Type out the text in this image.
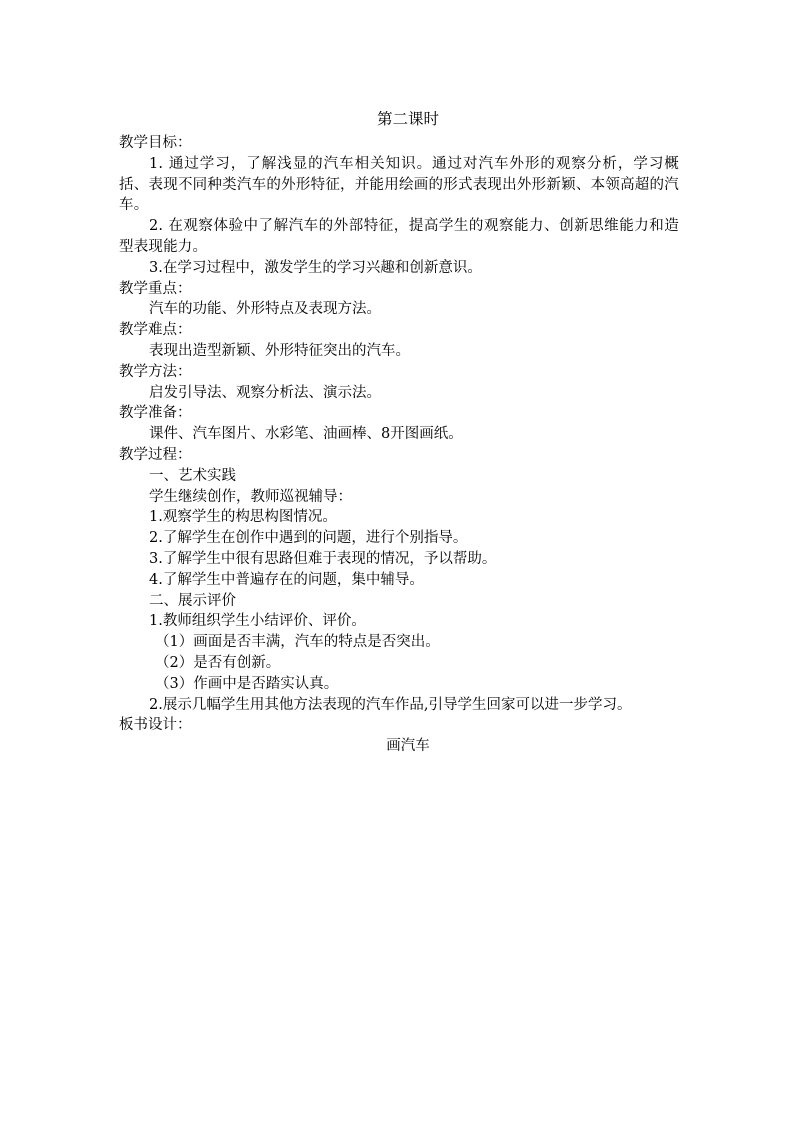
第二课时
教学目标：
1. 通过学习，了解浅显的汽车相关知识。通过对汽车外形的观察分析，学习概括、表现不同种类汽车的外形特征，并能用绘画的形式表现出外形新颖、本领高超的汽车。
2. 在观察体验中了解汽车的外部特征，提高学生的观察能力、创新思维能力和造型表现能力。
3.在学习过程中，激发学生的学习兴趣和创新意识。
教学重点：
汽车的功能、外形特点及表现方法。
教学难点：
表现出造型新颖、外形特征突出的汽车。
教学方法：
启发引导法、观察分析法、演示法。
教学准备：
课件、汽车图片、水彩笔、油画棒、8开图画纸。
教学过程：
一、艺术实践
学生继续创作，教师巡视辅导：
1.观察学生的构思构图情况。
2.了解学生在创作中遇到的问题，进行个别指导。
3.了解学生中很有思路但难于表现的情况，予以帮助。
4.了解学生中普遍存在的问题，集中辅导。
二、展示评价
1.教师组织学生小结评价、评价。
（1）画面是否丰满，汽车的特点是否突出。
（2）是否有创新。
（3）作画中是否踏实认真。
2.展示几幅学生用其他方法表现的汽车作品,引导学生回家可以进一步学习。
板书设计：
画汽车
